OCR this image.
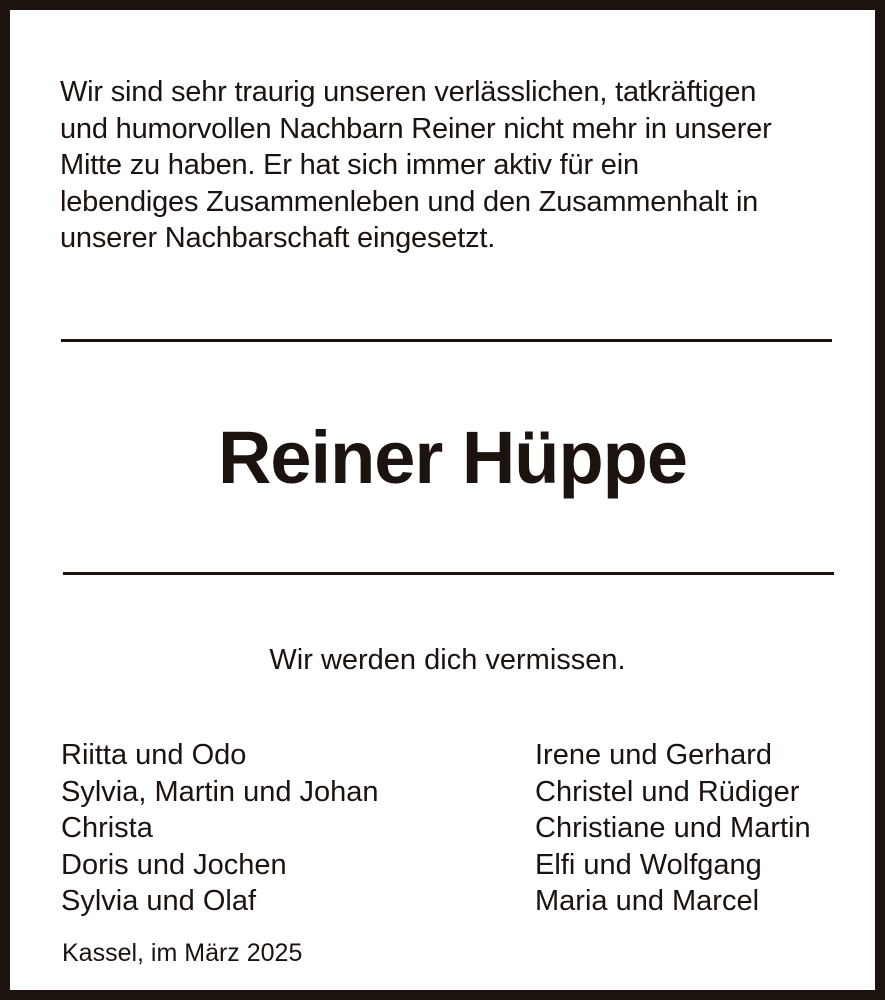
Wir sind sehr traurig unseren verlässlichen, tatkräftigen
und humorvollen Nachbarn Reiner nicht mehr in unserer
Mitte zu haben. Er hat sich immer aktiv für ein
lebendiges Zusammenleben und den Zusammenhalt in
unserer Nachbarschaft eingesetzt.

Reiner Hüppe
Wir werden dich vermissen.
Riitta und Odo
Sylvia, Martin und Johan
Christa
Doris und Jochen
Sylvia und Olaf
Irene und Gerhard
Christel und Rüdiger
Christiane und Martin
Elfi und Wolfgang
Maria und Marcel
Kassel, im März 2025
